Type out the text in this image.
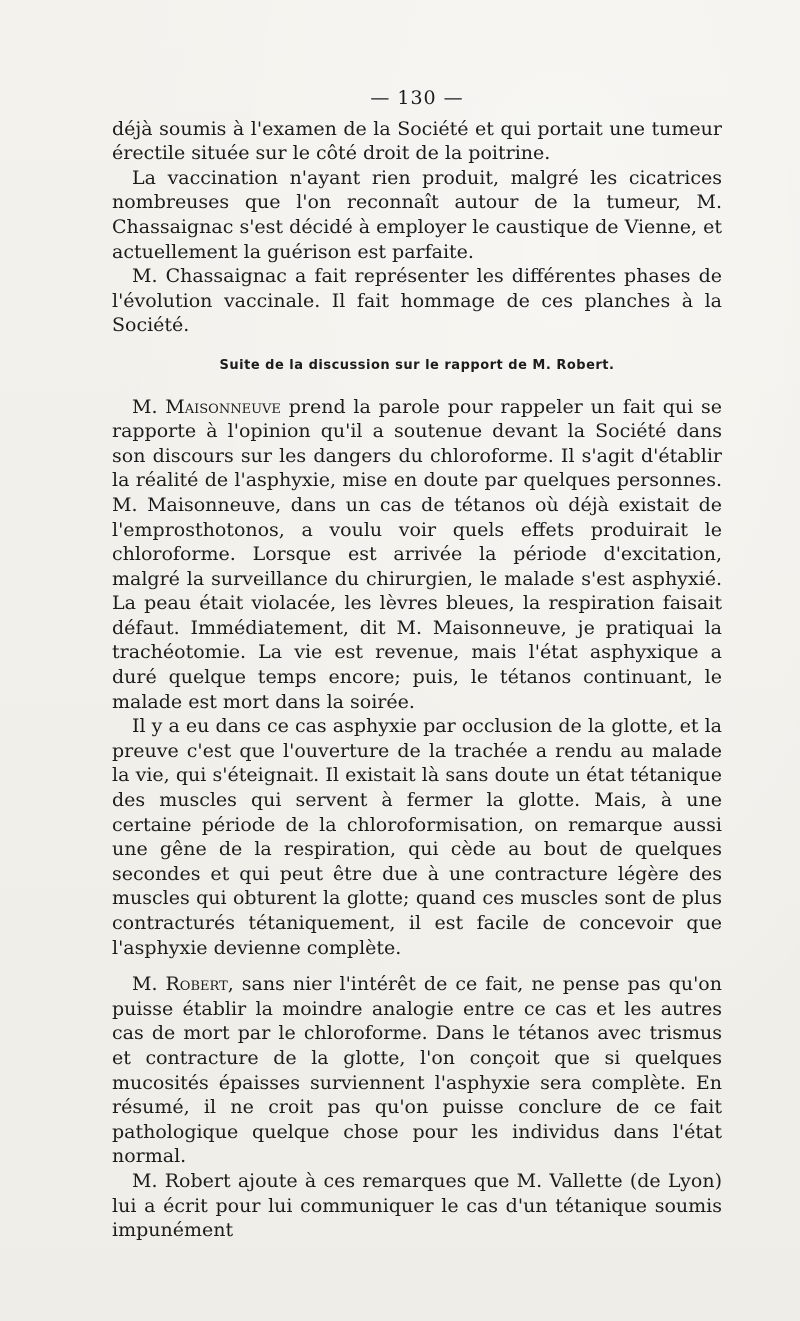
— 130 —

déjà soumis à l'examen de la Société et qui portait une tumeur érectile située sur le côté droit de la poitrine.

La vaccination n'ayant rien produit, malgré les cicatrices nombreuses que l'on reconnaît autour de la tumeur, M. Chassaignac s'est décidé à employer le caustique de Vienne, et actuellement la guérison est parfaite.

M. Chassaignac a fait représenter les différentes phases de l'évolution vaccinale. Il fait hommage de ces planches à la Société.

Suite de la discussion sur le rapport de M. Robert.

M. Maisonneuve prend la parole pour rappeler un fait qui se rapporte à l'opinion qu'il a soutenue devant la Société dans son discours sur les dangers du chloroforme. Il s'agit d'établir la réalité de l'asphyxie, mise en doute par quelques personnes. M. Maisonneuve, dans un cas de tétanos où déjà existait de l'emprosthotonos, a voulu voir quels effets produirait le chloroforme. Lorsque est arrivée la période d'excitation, malgré la surveillance du chirurgien, le malade s'est asphyxié. La peau était violacée, les lèvres bleues, la respiration faisait défaut. Immédiatement, dit M. Maisonneuve, je pratiquai la trachéotomie. La vie est revenue, mais l'état asphyxique a duré quelque temps encore; puis, le tétanos continuant, le malade est mort dans la soirée.

Il y a eu dans ce cas asphyxie par occlusion de la glotte, et la preuve c'est que l'ouverture de la trachée a rendu au malade la vie, qui s'éteignait. Il existait là sans doute un état tétanique des muscles qui servent à fermer la glotte. Mais, à une certaine période de la chloroformisation, on remarque aussi une gêne de la respiration, qui cède au bout de quelques secondes et qui peut être due à une contracture légère des muscles qui obturent la glotte; quand ces muscles sont de plus contracturés tétaniquement, il est facile de concevoir que l'asphyxie devienne complète.

M. Robert, sans nier l'intérêt de ce fait, ne pense pas qu'on puisse établir la moindre analogie entre ce cas et les autres cas de mort par le chloroforme. Dans le tétanos avec trismus et contracture de la glotte, l'on conçoit que si quelques mucosités épaisses surviennent l'asphyxie sera complète. En résumé, il ne croit pas qu'on puisse conclure de ce fait pathologique quelque chose pour les individus dans l'état normal.

M. Robert ajoute à ces remarques que M. Vallette (de Lyon) lui a écrit pour lui communiquer le cas d'un tétanique soumis impunément
